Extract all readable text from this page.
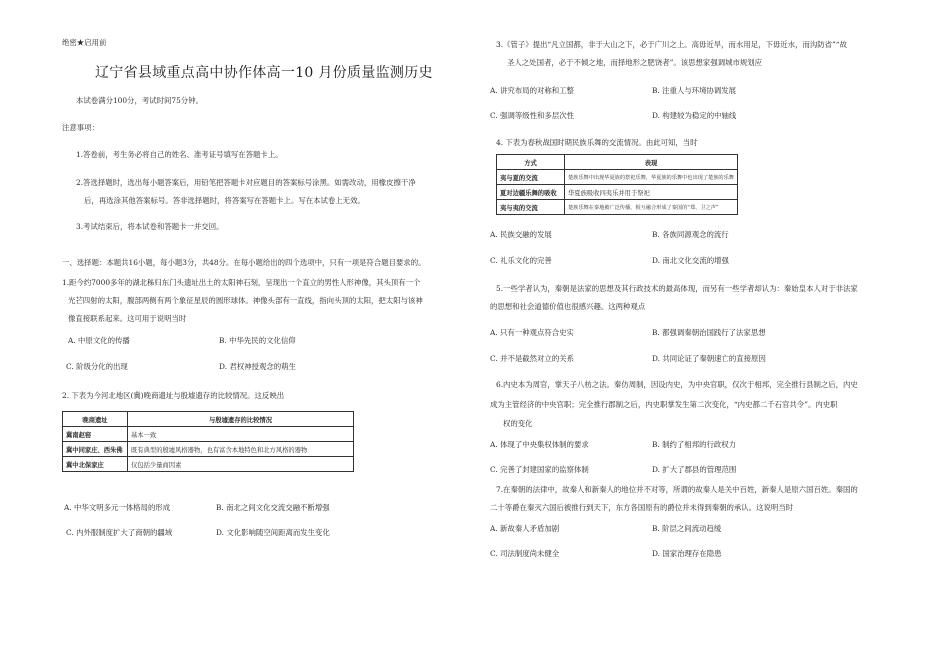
绝密★启用前
辽宁省县域重点高中协作体高一10 月份质量监测历史
本试卷满分100分，考试时间75分钟。
注意事项：
1.答卷前，考生务必将自己的姓名、准考证号填写在答题卡上。
2.答选择题时，选出每小题答案后，用铅笔把答题卡对应题目的答案标号涂黑。如需改动，用橡皮擦干净
后，再选涂其他答案标号。答非选择题时，将答案写在答题卡上。写在本试卷上无效。
3.考试结束后，将本试卷和答题卡一并交回。
一、选择题：本题共16小题，每小题3分，共48分。在每小题给出的四个选项中，只有一项是符合题目要求的。
1.距今约7000多年的湖北秭归东门头遗址出土的太阳神石刻，呈现出一个直立的男性人形神像，其头顶有一个
光芒四射的太阳，腹部两侧有两个象征星辰的圆形球体。神像头部有一直线，指向头顶的太阳，把太阳与该神
像直接联系起来。这可用于说明当时
A. 中原文化的传播	B. 中华先民的文化信仰
C. 阶级分化的出现	D. 君权神授观念的萌生
2. 下表为今河北地区(冀)晚商遗址与殷墟遗存的比较情况。这反映出
晚商遗址	与殷墟遗存的比较情况
冀南赵窑	基本一致
冀中同家庄、西朱佛	既有典型的殷墟风格器物，也有富含本地特色和北方风格的器物
冀中北保家庄	仅包括少量商因素
A. 中华文明多元一体格局的形成	B. 南北之间文化交流交融不断增强
C. 内外服制度扩大了商朝的疆域	D. 文化影响随空间距离而发生变化
3.《管子》提出“凡立国都，非于大山之下，必于广川之上。高毋近旱，而水用足，下毋近水，而沟防省”“故
圣人之处国者，必于不倾之地，而择地形之肥饶者”。该思想家强调城市规划应
A. 讲究布局的对称和工整	B. 注重人与环境协调发展
C. 强调等级性和多层次性	D. 构建较为稳定的中轴线
4. 下表为春秋战国时期民族乐舞的交流情况。由此可知，当时
方式	表现
夷与夏的交流	楚族乐舞中出现华夏族的祭祀乐舞，华夏族的乐舞中也出现了楚族的乐舞
夏对边疆乐舞的吸收	华夏族吸收四夷乐并用于祭祀
夷与夷的交流	楚族乐舞在秦地被广泛传播，相互融合形成了秦国的“郑、卫之声”
A. 民族交融的发展	B. 各族同源观念的流行
C. 礼乐文化的完善	D. 南北文化交流的增强
5.一些学者认为，秦朝是法家的思想及其行政技术的最高体现，而另有一些学者却认为：秦始皇本人对于非法家
的思想和社会道德价值也很感兴趣。这两种观点
A. 只有一种观点符合史实	B. 都强调秦朝治国践行了法家思想
C. 并不是截然对立的关系	D. 共同论证了秦朝速亡的直接原因
6.内史本为周官，掌天子八枋之法。秦仿周制，因设内史，为中央官职，仅次于相邦，完全推行县制之后，内史
成为主管经济的中央官职；完全推行郡制之后，内史职掌发生第二次变化，“内史都二千石官共令”。内史职
权的变化
A. 体现了中央集权体制的要求	B. 制约了相邦的行政权力
C. 完善了封建国家的监察体制	D. 扩大了郡县的管理范围
7.在秦朝的法律中，故秦人和新秦人的地位并不对等，所谓的故秦人是关中百姓，新秦人是原六国百姓。秦国的
二十等爵在秦灭六国后被推行到天下，东方各国原有的爵位并未得到秦朝的承认。这说明当时
A. 新故秦人矛盾加剧	B. 阶层之间流动趋缓
C. 司法制度尚未健全	D. 国家治理存在隐患
